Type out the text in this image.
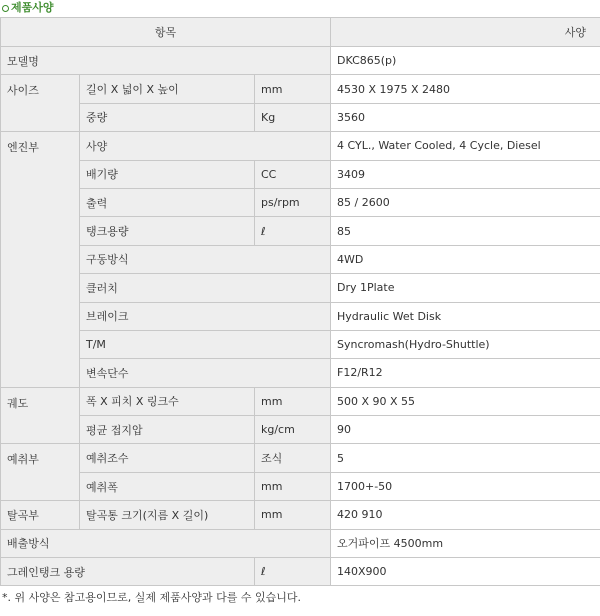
제품사양
항목			사양
모델명			DKC865(p)
사이즈	길이 X 넓이 X 높이	mm	4530 X 1975 X 2480
	중량	Kg	3560
엔진부	사양		4 CYL., Water Cooled, 4 Cycle, Diesel
	배기량	CC	3409
	출력	ps/rpm	85 / 2600
	탱크용량	ℓ	85
	구동방식		4WD
	클러치		Dry 1Plate
	브레이크		Hydraulic Wet Disk
	T/M		Syncromash(Hydro-Shuttle)
	변속단수		F12/R12
궤도	폭 X 피치 X 링크수	mm	500 X 90 X 55
	평균 접지압	kg/cm	90
예취부	예취조수	조식	5
	예취폭	mm	1700+-50
탈곡부	탈곡통 크기(지름 X 길이)	mm	420 910
배출방식			오거파이프 4500mm
그레인탱크 용량		ℓ	140X900
*. 위 사양은 참고용이므로, 실제 제품사양과 다를 수 있습니다.
